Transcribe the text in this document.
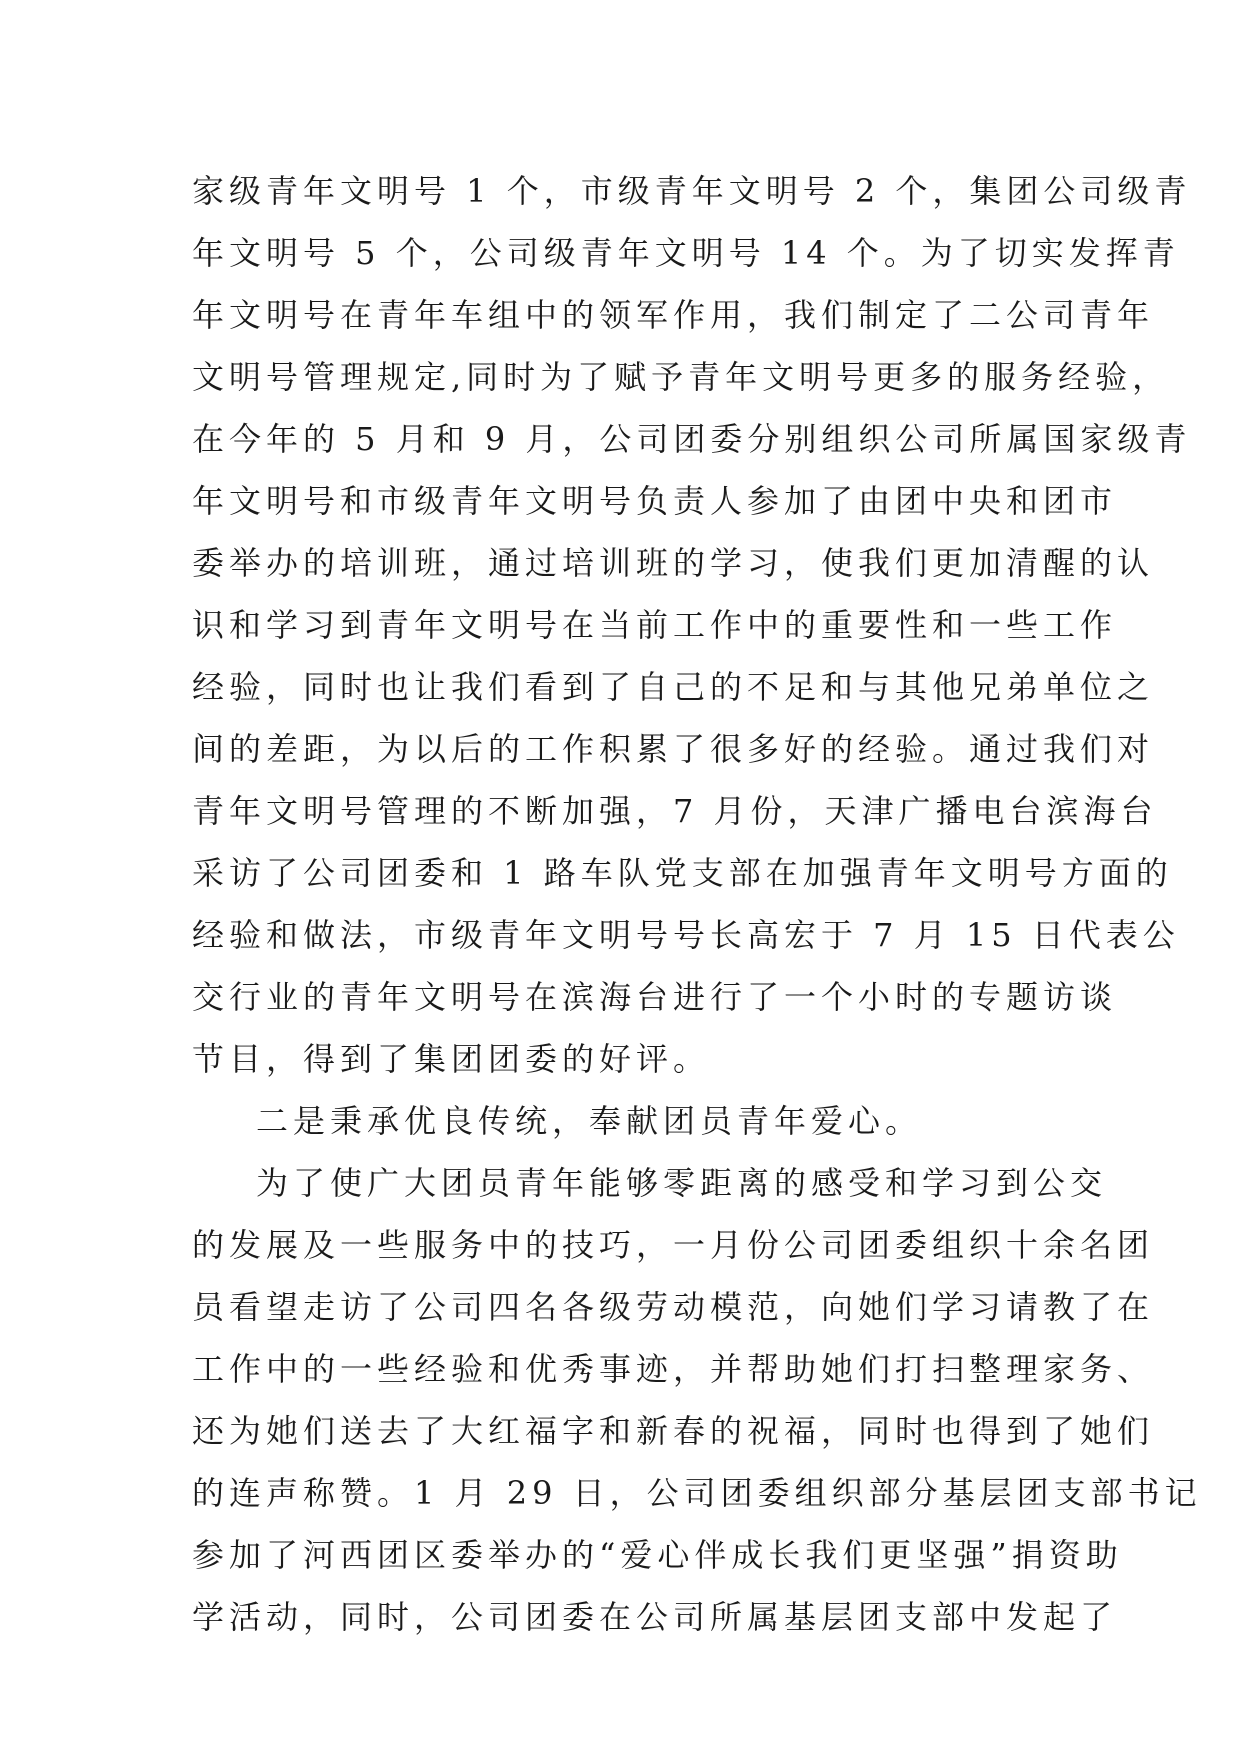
家级青年文明号 1 个，市级青年文明号 2 个，集团公司级青
年文明号 5 个，公司级青年文明号 14 个。为了切实发挥青
年文明号在青年车组中的领军作用，我们制定了二公司青年
文明号管理规定,同时为了赋予青年文明号更多的服务经验，
在今年的 5 月和 9 月，公司团委分别组织公司所属国家级青
年文明号和市级青年文明号负责人参加了由团中央和团市
委举办的培训班，通过培训班的学习，使我们更加清醒的认
识和学习到青年文明号在当前工作中的重要性和一些工作
经验，同时也让我们看到了自己的不足和与其他兄弟单位之
间的差距，为以后的工作积累了很多好的经验。通过我们对
青年文明号管理的不断加强，7 月份，天津广播电台滨海台
采访了公司团委和 1 路车队党支部在加强青年文明号方面的
经验和做法，市级青年文明号号长高宏于 7 月 15 日代表公
交行业的青年文明号在滨海台进行了一个小时的专题访谈
节目，得到了集团团委的好评。
二是秉承优良传统，奉献团员青年爱心。
为了使广大团员青年能够零距离的感受和学习到公交
的发展及一些服务中的技巧，一月份公司团委组织十余名团
员看望走访了公司四名各级劳动模范，向她们学习请教了在
工作中的一些经验和优秀事迹，并帮助她们打扫整理家务、
还为她们送去了大红福字和新春的祝福，同时也得到了她们
的连声称赞。1 月 29 日，公司团委组织部分基层团支部书记
参加了河西团区委举办的“爱心伴成长我们更坚强”捐资助
学活动，同时，公司团委在公司所属基层团支部中发起了
